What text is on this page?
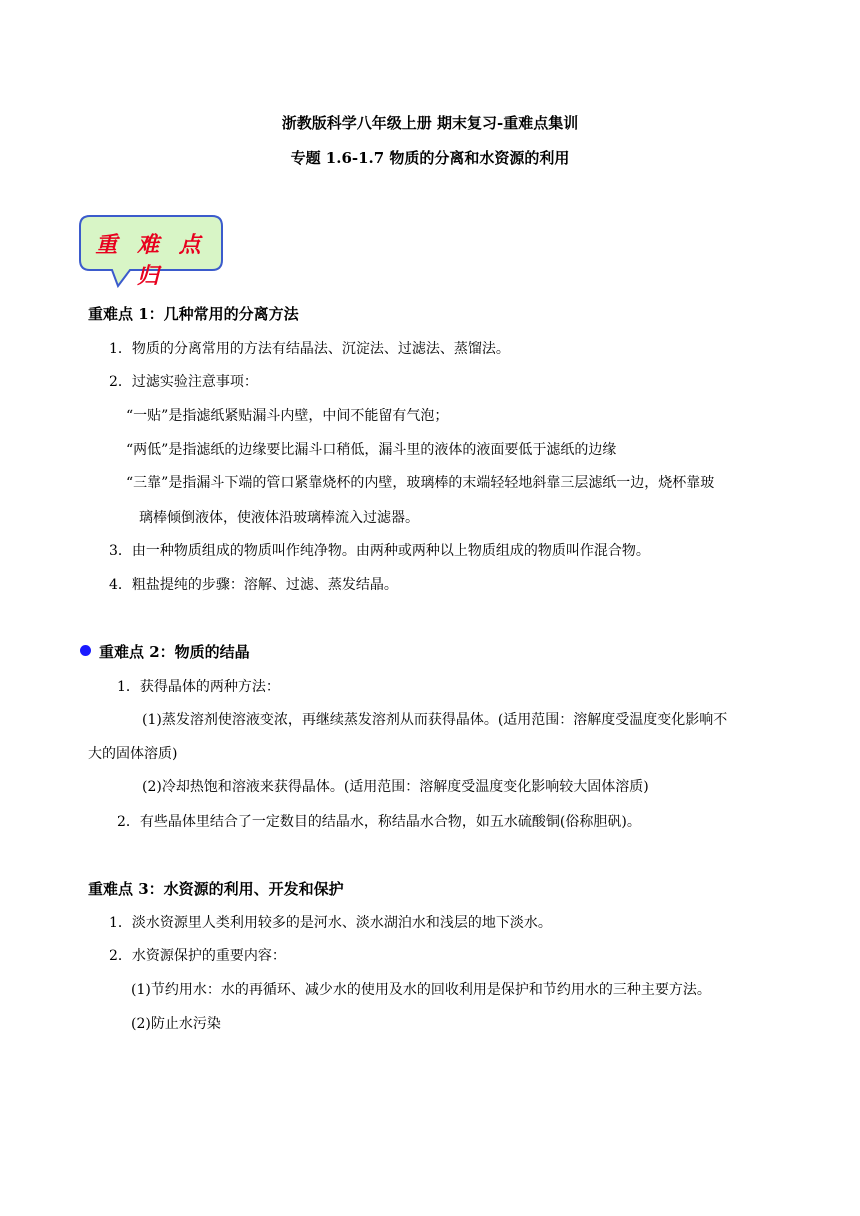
浙教版科学八年级上册 期末复习-重难点集训
专题 1.6-1.7 物质的分离和水资源的利用
重 难 点 归
重难点 1：几种常用的分离方法
1．物质的分离常用的方法有结晶法、沉淀法、过滤法、蒸馏法。
2．过滤实验注意事项：
“一贴”是指滤纸紧贴漏斗内壁，中间不能留有气泡；
“两低”是指滤纸的边缘要比漏斗口稍低，漏斗里的液体的液面要低于滤纸的边缘
“三靠”是指漏斗下端的管口紧靠烧杯的内壁，玻璃棒的末端轻轻地斜靠三层滤纸一边，烧杯靠玻
璃棒倾倒液体，使液体沿玻璃棒流入过滤器。
3．由一种物质组成的物质叫作纯净物。由两种或两种以上物质组成的物质叫作混合物。
4．粗盐提纯的步骤：溶解、过滤、蒸发结晶。
重难点 2：物质的结晶
1．获得晶体的两种方法：
(1)蒸发溶剂使溶液变浓，再继续蒸发溶剂从而获得晶体。(适用范围：溶解度受温度变化影响不
大的固体溶质)
(2)冷却热饱和溶液来获得晶体。(适用范围：溶解度受温度变化影响较大固体溶质)
2．有些晶体里结合了一定数目的结晶水，称结晶水合物，如五水硫酸铜(俗称胆矾)。
重难点 3：水资源的利用、开发和保护
1．淡水资源里人类利用较多的是河水、淡水湖泊水和浅层的地下淡水。
2．水资源保护的重要内容：
(1)节约用水：水的再循环、减少水的使用及水的回收利用是保护和节约用水的三种主要方法。
(2)防止水污染
